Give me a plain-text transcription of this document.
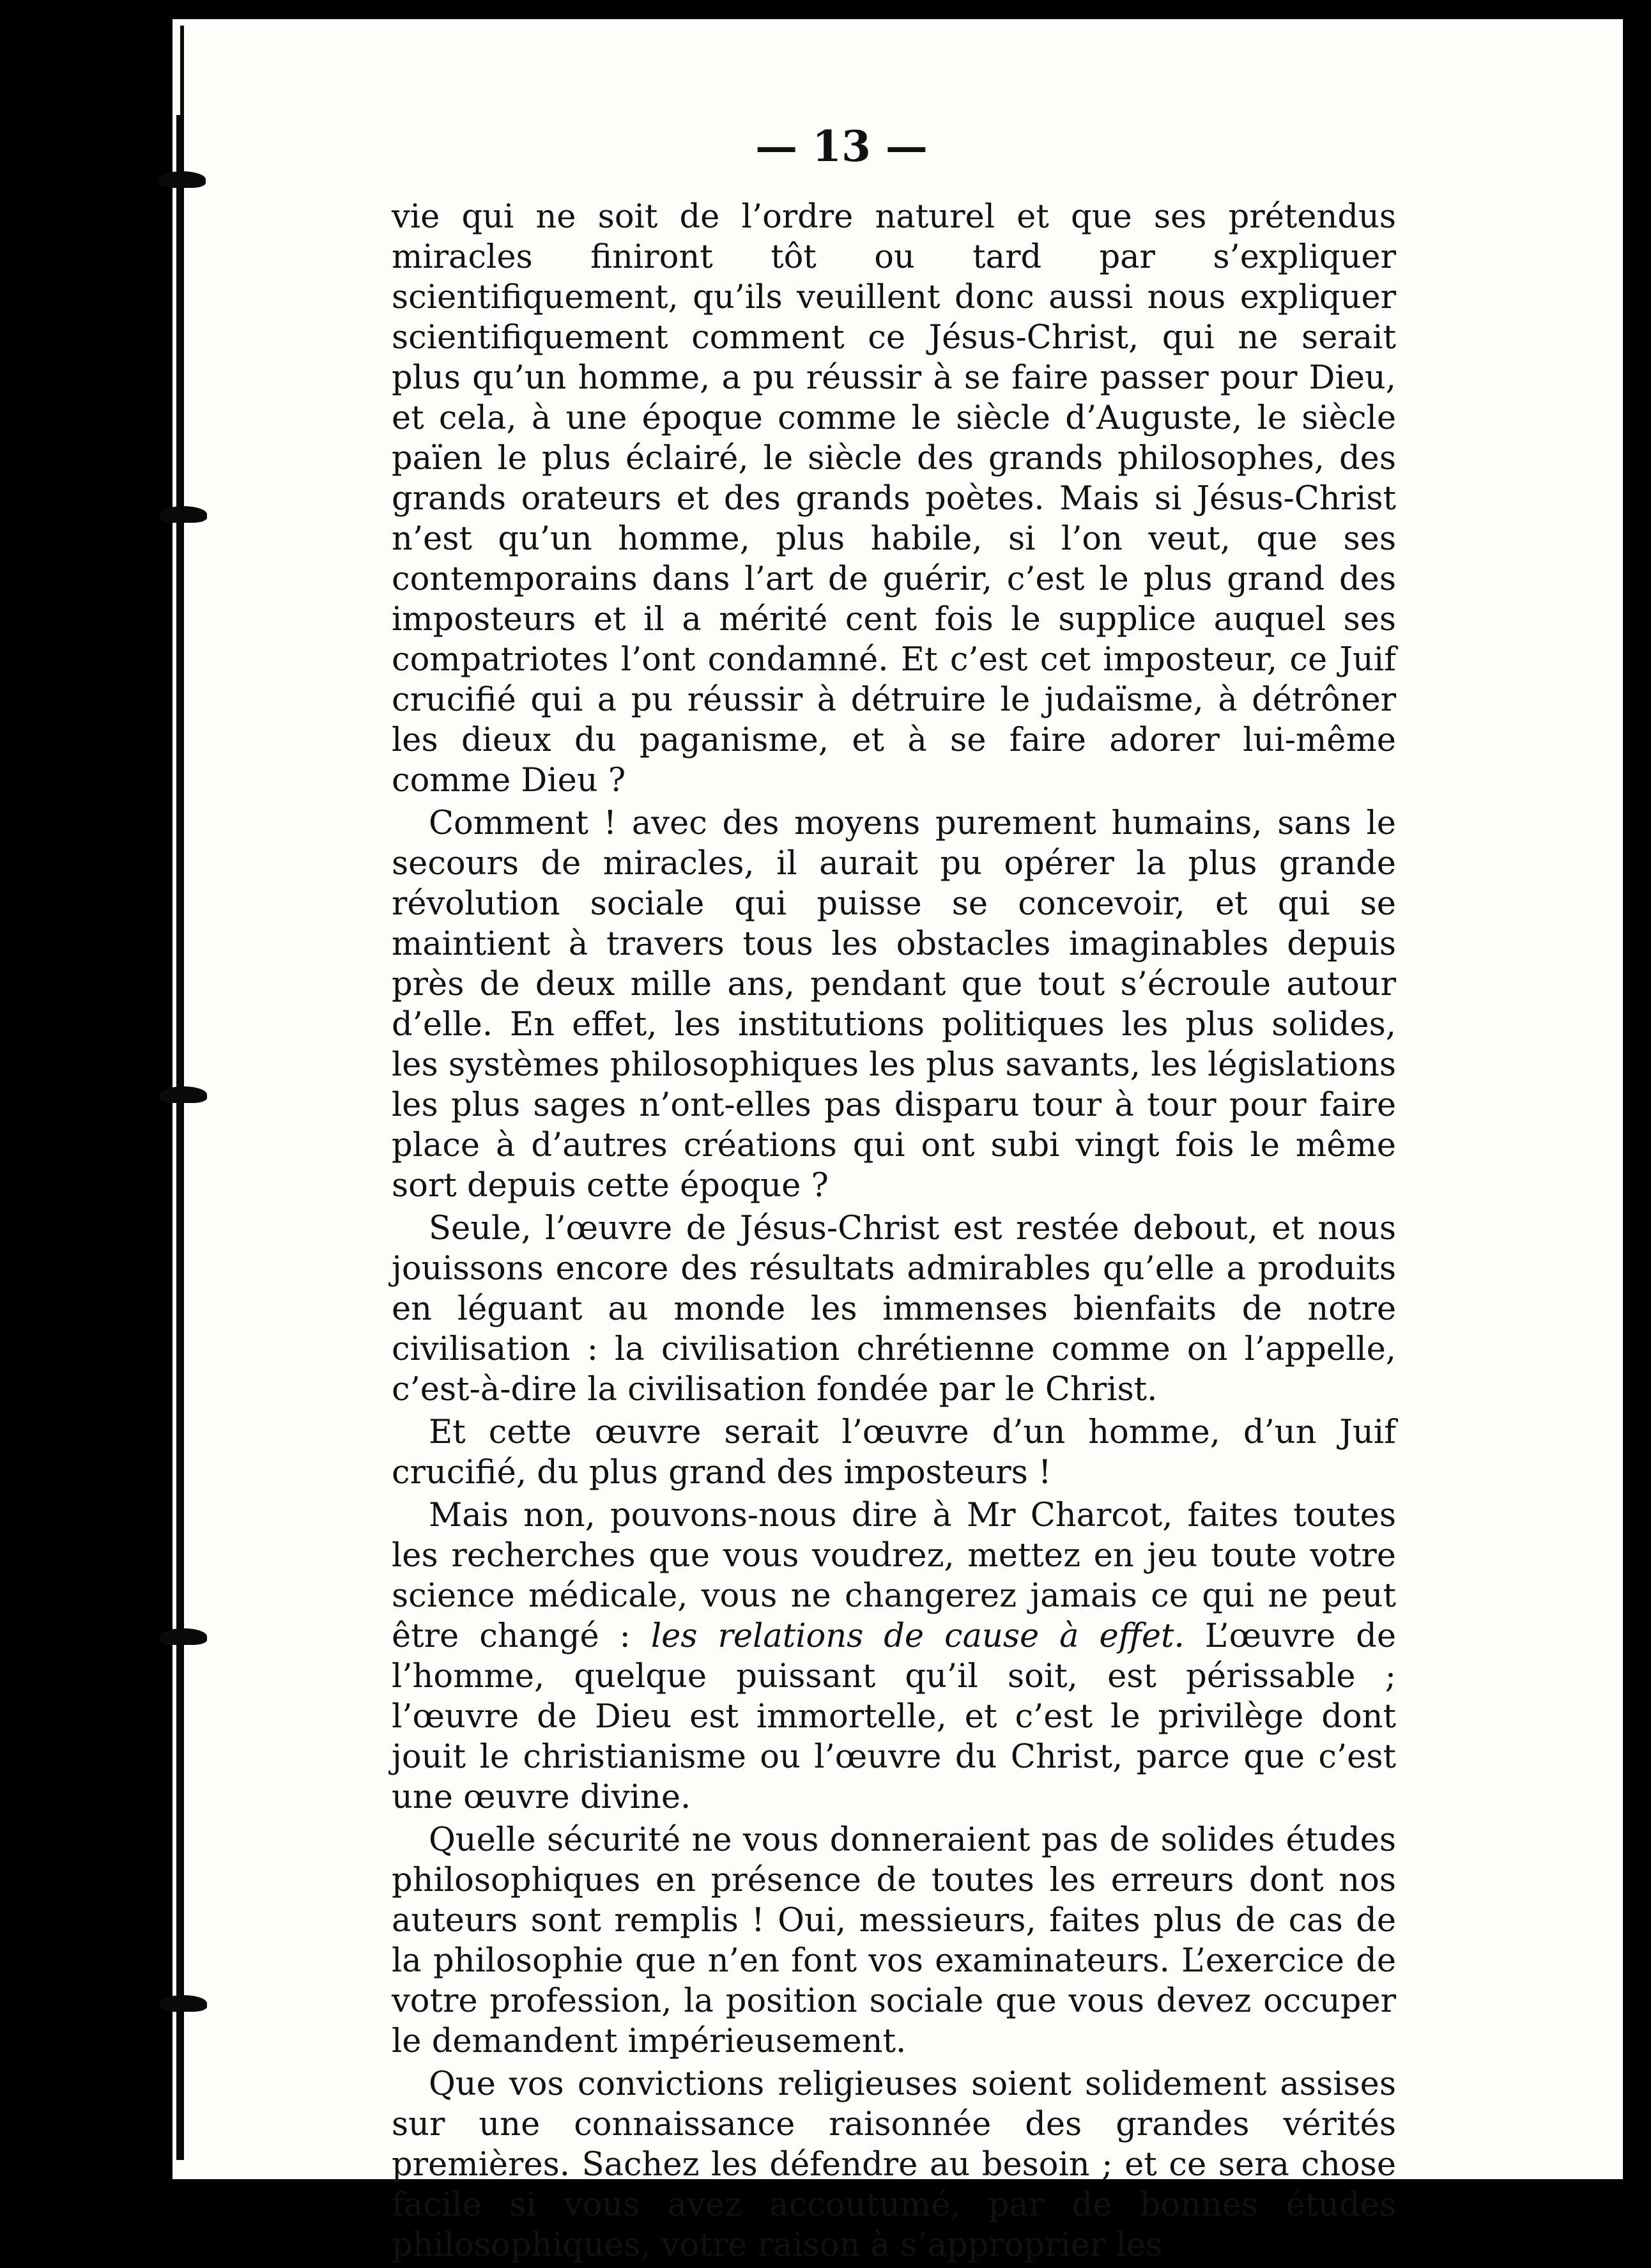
— 13 —

vie qui ne soit de l’ordre naturel et que ses prétendus miracles finiront tôt ou tard par s’expliquer scientifiquement, qu’ils veuillent donc aussi nous expliquer scientifiquement comment ce Jésus-Christ, qui ne serait plus qu’un homme, a pu réussir à se faire passer pour Dieu, et cela, à une époque comme le siècle d’Auguste, le siècle païen le plus éclairé, le siècle des grands philosophes, des grands orateurs et des grands poètes. Mais si Jésus-Christ n’est qu’un homme, plus habile, si l’on veut, que ses contemporains dans l’art de guérir, c’est le plus grand des imposteurs et il a mérité cent fois le supplice auquel ses compatriotes l’ont condamné. Et c’est cet imposteur, ce Juif crucifié qui a pu réussir à détruire le judaïsme, à détrôner les dieux du paganisme, et à se faire adorer lui-même comme Dieu ?

Comment ! avec des moyens purement humains, sans le secours de miracles, il aurait pu opérer la plus grande révolution sociale qui puisse se concevoir, et qui se maintient à travers tous les obstacles imaginables depuis près de deux mille ans, pendant que tout s’écroule autour d’elle. En effet, les institutions politiques les plus solides, les systèmes philosophiques les plus savants, les législations les plus sages n’ont-elles pas disparu tour à tour pour faire place à d’autres créations qui ont subi vingt fois le même sort depuis cette époque ?

Seule, l’œuvre de Jésus-Christ est restée debout, et nous jouissons encore des résultats admirables qu’elle a produits en léguant au monde les immenses bienfaits de notre civilisation : la civilisation chrétienne comme on l’appelle, c’est-à-dire la civilisation fondée par le Christ.

Et cette œuvre serait l’œuvre d’un homme, d’un Juif crucifié, du plus grand des imposteurs !

Mais non, pouvons-nous dire à Mr Charcot, faites toutes les recherches que vous voudrez, mettez en jeu toute votre science médicale, vous ne changerez jamais ce qui ne peut être changé : les relations de cause à effet. L’œuvre de l’homme, quelque puissant qu’il soit, est périssable ; l’œuvre de Dieu est immortelle, et c’est le privilège dont jouit le christianisme ou l’œuvre du Christ, parce que c’est une œuvre divine.

Quelle sécurité ne vous donneraient pas de solides études philosophiques en présence de toutes les erreurs dont nos auteurs sont remplis ! Oui, messieurs, faites plus de cas de la philosophie que n’en font vos examinateurs. L’exercice de votre profession, la position sociale que vous devez occuper le demandent impérieusement.

Que vos convictions religieuses soient solidement assises sur une connaissance raisonnée des grandes vérités premières. Sachez les défendre au besoin ; et ce sera chose facile si vous avez accoutumé, par de bonnes études philosophiques, votre raison à s’approprier les
